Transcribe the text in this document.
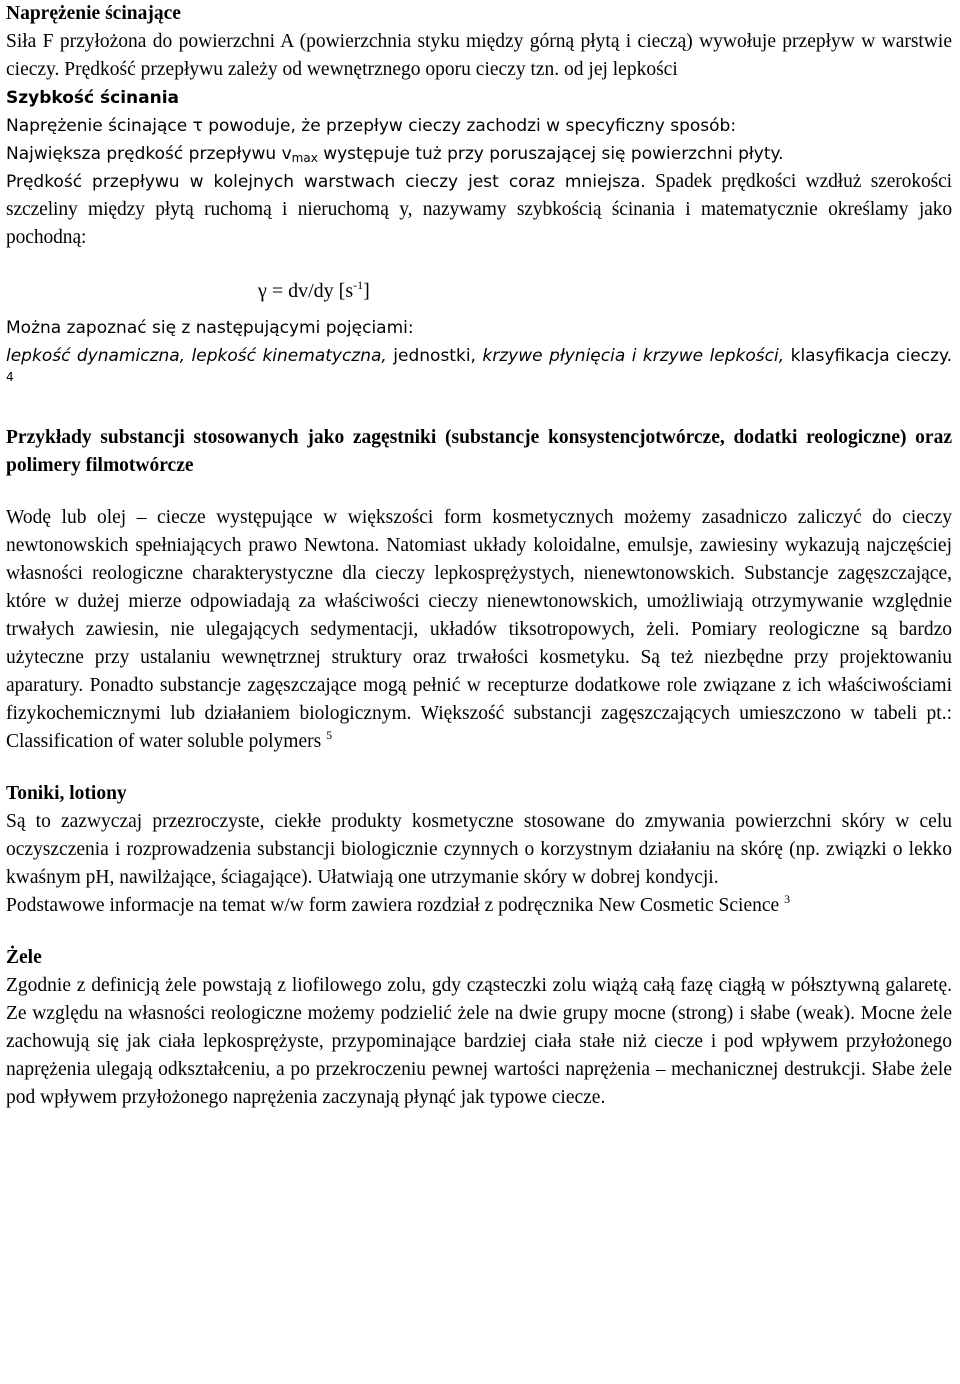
Naprężenie ścinające

Siła F przyłożona do powierzchni A (powierzchnia styku między górną płytą i cieczą) wywołuje przepływ w warstwie cieczy. Prędkość przepływu zależy od wewnętrznego oporu cieczy tzn. od jej lepkości

Szybkość ścinania

Naprężenie ścinające τ powoduje, że przepływ cieczy zachodzi w specyficzny sposób:

Największa prędkość przepływu $v_{max}$ występuje tuż przy poruszającej się powierzchni płyty.

Prędkość przepływu w kolejnych warstwach cieczy jest coraz mniejsza. Spadek prędkości wzdłuż szerokości szczeliny między płytą ruchomą i nieruchomą y, nazywamy szybkością ścinania i matematycznie określamy jako pochodną:

γ = dv/dy $[s^{-1}]$

Można zapoznać się z następującymi pojęciami:

lepkość dynamiczna, lepkość kinematyczna, jednostki, krzywe płynięcia i krzywe lepkości, klasyfikacja cieczy. $^4$

Przykłady substancji stosowanych jako zagęstniki (substancje konsystencjotwórcze, dodatki reologiczne) oraz polimery filmotwórcze

Wodę lub olej – ciecze występujące w większości form kosmetycznych możemy zasadniczo zaliczyć do cieczy newtonowskich spełniających prawo Newtona. Natomiast układy koloidalne, emulsje, zawiesiny wykazują najczęściej własności reologiczne charakterystyczne dla cieczy lepkosprężystych, nienewtonowskich. Substancje zagęszczające, które w dużej mierze odpowiadają za właściwości cieczy nienewtonowskich, umożliwiają otrzymywanie względnie trwałych zawiesin, nie ulegających sedymentacji, układów tiksotropowych, żeli. Pomiary reologiczne są bardzo użyteczne przy ustalaniu wewnętrznej struktury oraz trwałości kosmetyku. Są też niezbędne przy projektowaniu aparatury. Ponadto substancje zagęszczające mogą pełnić w recepturze dodatkowe role związane z ich właściwościami fizykochemicznymi lub działaniem biologicznym. Większość substancji zagęszczających umieszczono w tabeli pt.: Classification of water soluble polymers $^5$

Toniki, lotiony

Są to zazwyczaj przezroczyste, ciekłe produkty kosmetyczne stosowane do zmywania powierzchni skóry w celu oczyszczenia i rozprowadzenia substancji biologicznie czynnych o korzystnym działaniu na skórę (np. związki o lekko kwaśnym pH, nawilżające, ściagające). Ułatwiają one utrzymanie skóry w dobrej kondycji.

Podstawowe informacje na temat w/w form zawiera rozdział z podręcznika New Cosmetic Science $^3$

Żele

Zgodnie z definicją żele powstają z liofilowego zolu, gdy cząsteczki zolu wiążą całą fazę ciągłą w półsztywną galaretę. Ze względu na własności reologiczne możemy podzielić żele na dwie grupy mocne (strong) i słabe (weak). Mocne żele zachowują się jak ciała lepkosprężyste, przypominające bardziej ciała stałe niż ciecze i pod wpływem przyłożonego naprężenia ulegają odkształceniu, a po przekroczeniu pewnej wartości naprężenia – mechanicznej destrukcji. Słabe żele pod wpływem przyłożonego naprężenia zaczynają płynąć jak typowe ciecze.
